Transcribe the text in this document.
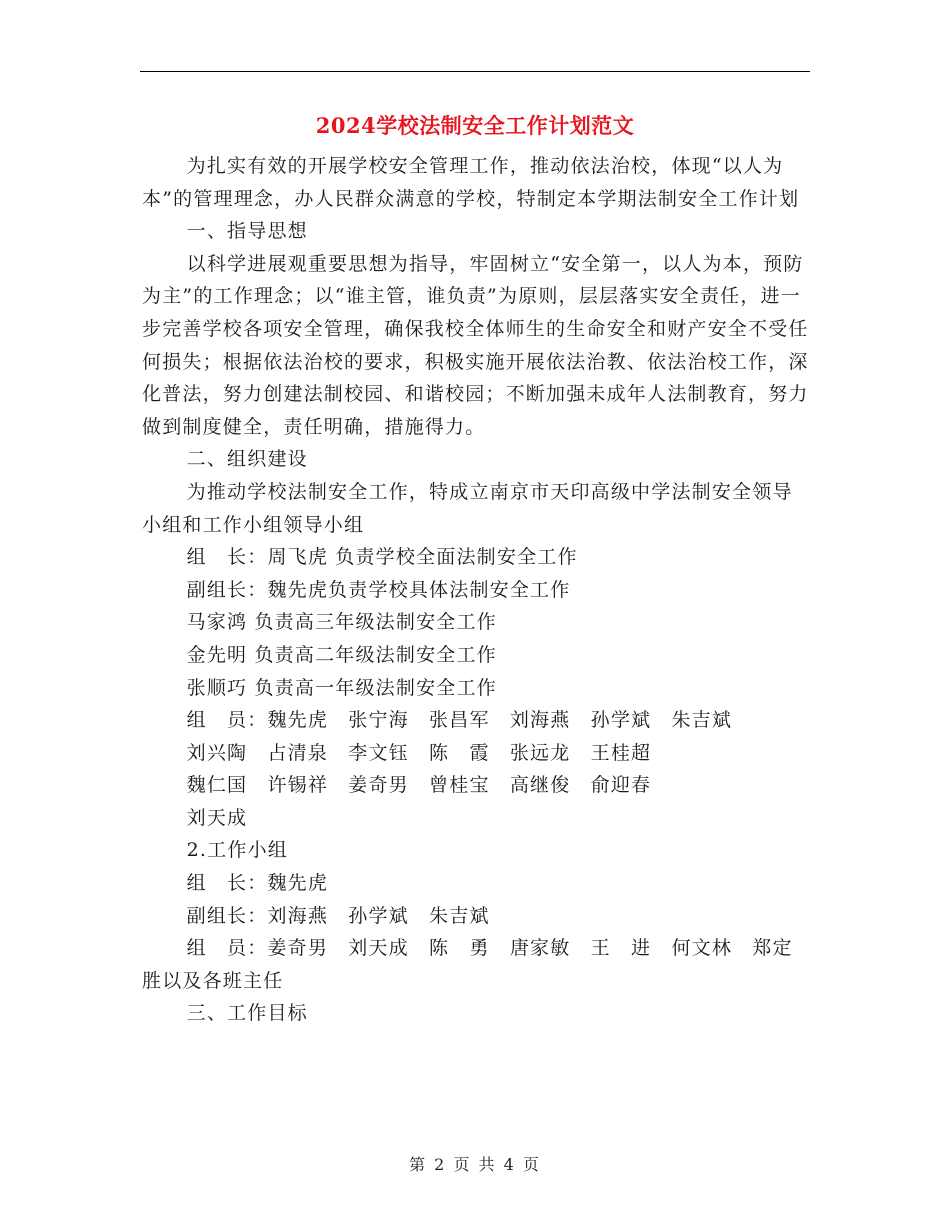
2024学校法制安全工作计划范文

为扎实有效的开展学校安全管理工作，推动依法治校，体现“以人为本”的管理理念，办人民群众满意的学校，特制定本学期法制安全工作计划

一、指导思想

以科学进展观重要思想为指导，牢固树立“安全第一，以人为本，预防为主”的工作理念；以“谁主管，谁负责”为原则，层层落实安全责任，进一步完善学校各项安全管理，确保我校全体师生的生命安全和财产安全不受任何损失；根据依法治校的要求，积极实施开展依法治教、依法治校工作，深化普法，努力创建法制校园、和谐校园；不断加强未成年人法制教育，努力做到制度健全，责任明确，措施得力。

二、组织建设

为推动学校法制安全工作，特成立南京市天印高级中学法制安全领导小组和工作小组领导小组

组　长：周飞虎 负责学校全面法制安全工作

副组长：魏先虎负责学校具体法制安全工作

马家鸿 负责高三年级法制安全工作

金先明 负责高二年级法制安全工作

张顺巧 负责高一年级法制安全工作

组　员：魏先虎　张宁海　张昌军　刘海燕　孙学斌　朱吉斌

刘兴陶　占清泉　李文钰　陈　霞　张远龙　王桂超

魏仁国　许锡祥　姜奇男　曾桂宝　高继俊　俞迎春

刘天成

2.工作小组

组　长：魏先虎

副组长：刘海燕　孙学斌　朱吉斌

组　员：姜奇男　刘天成　陈　勇　唐家敏　王　进　何文林　郑定胜以及各班主任

三、工作目标

第 2 页 共 4 页
